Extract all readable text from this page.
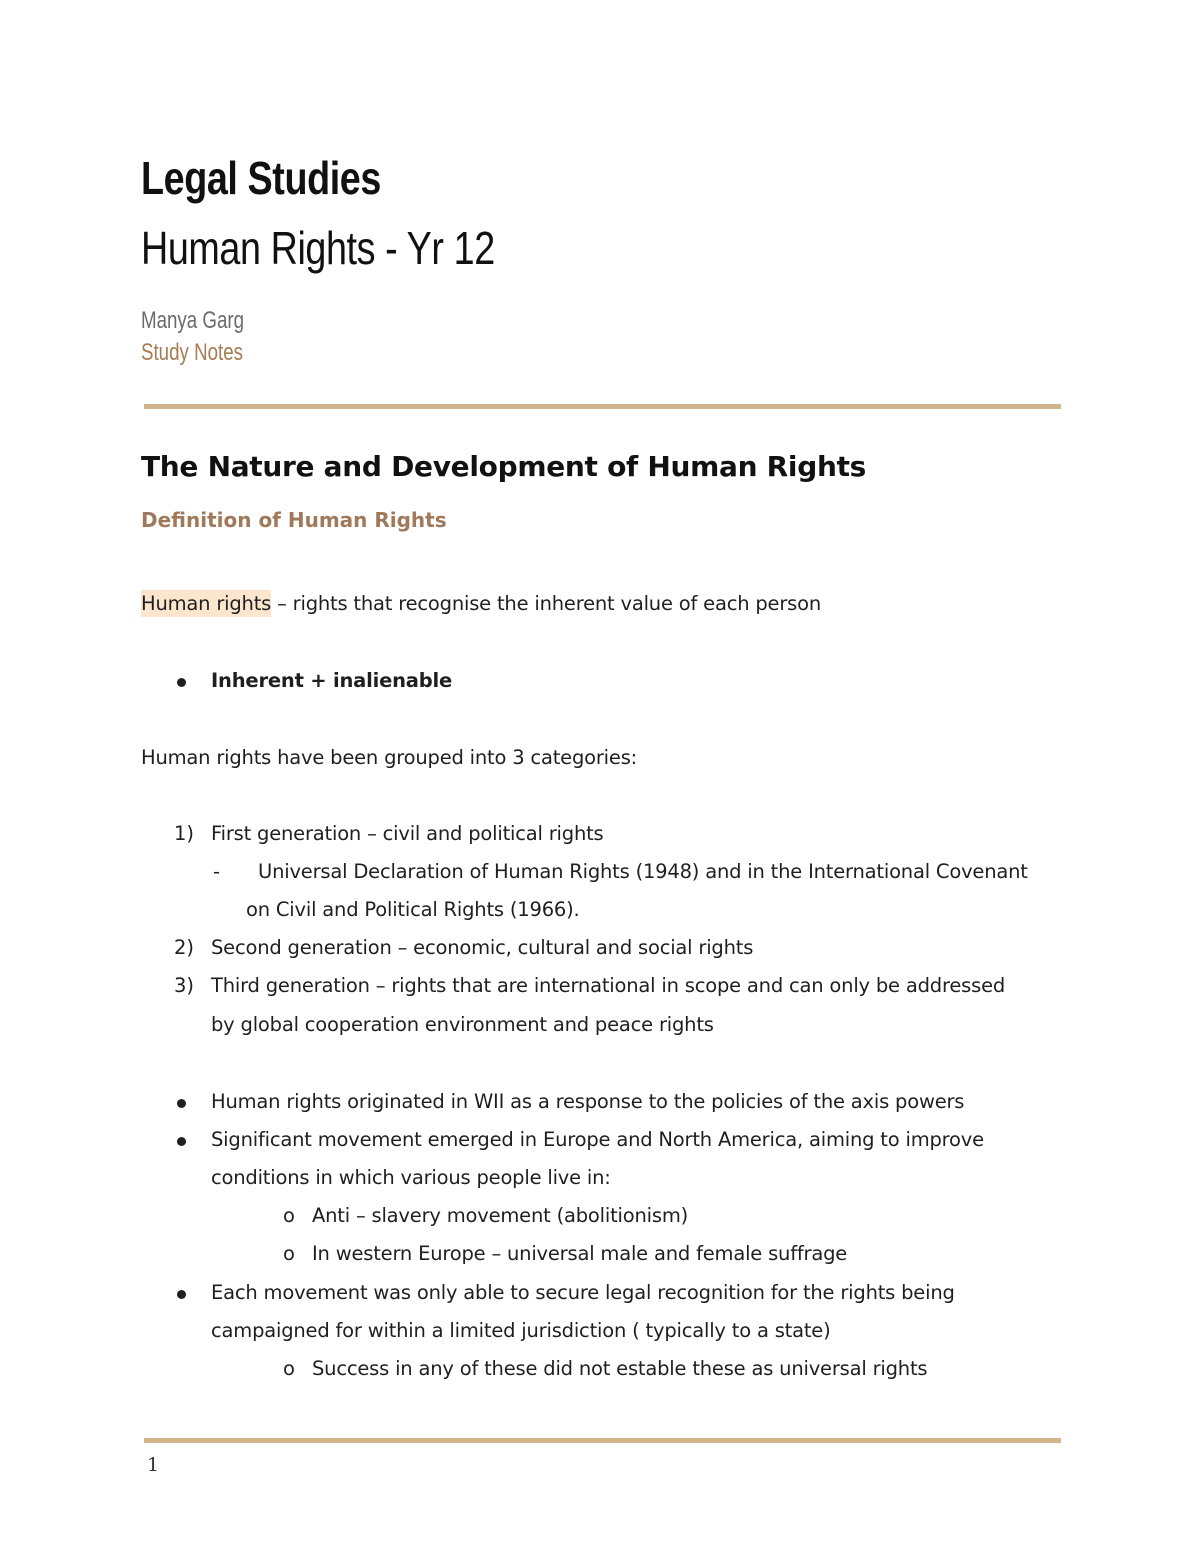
Legal Studies
Human Rights - Yr 12
Manya Garg
Study Notes
The Nature and Development of Human Rights
Definition of Human Rights
Human rights – rights that recognise the inherent value of each person
Inherent + inalienable
Human rights have been grouped into 3 categories:
1) First generation – civil and political rights
- Universal Declaration of Human Rights (1948) and in the International Covenant
on Civil and Political Rights (1966).
2) Second generation – economic, cultural and social rights
3) Third generation – rights that are international in scope and can only be addressed
by global cooperation environment and peace rights
Human rights originated in WII as a response to the policies of the axis powers
Significant movement emerged in Europe and North America, aiming to improve
conditions in which various people live in:
o Anti – slavery movement (abolitionism)
o In western Europe – universal male and female suffrage
Each movement was only able to secure legal recognition for the rights being
campaigned for within a limited jurisdiction ( typically to a state)
o Success in any of these did not estable these as universal rights
1
